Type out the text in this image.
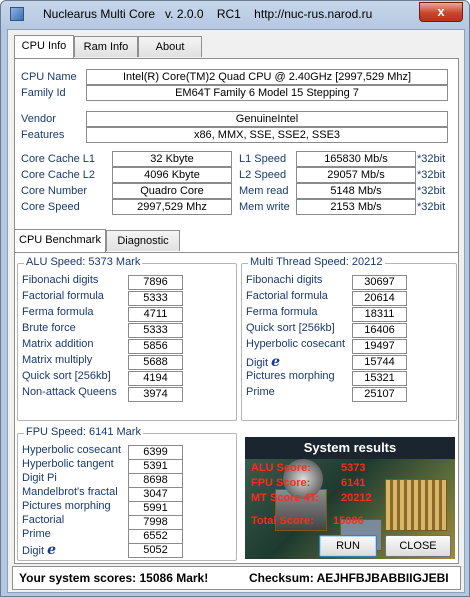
Nuclearus Multi Core   v. 2.0.0    RC1    http://nuc-rus.narod.ru	x
CPU Info	Ram Info	About
CPU Name	Intel(R) Core(TM)2 Quad CPU @ 2.40GHz [2997,529 Mhz]
Family Id	EM64T Family 6 Model 15 Stepping 7
Vendor	GenuineIntel
Features	x86, MMX, SSE, SSE2, SSE3
Core Cache L1	32 Kbyte
Core Cache L2	4096 Kbyte
Core Number	Quadro Core
Core Speed	2997,529 Mhz
L1 Speed	165830 Mb/s	*32bit
L2 Speed	29057 Mb/s	*32bit
Mem read	5148 Mb/s	*32bit
Mem write	2153 Mb/s	*32bit
CPU Benchmark	Diagnostic
ALU Speed: 5373 Mark
Fibonachi digits	7896
Factorial formula	5333
Ferma formula	4711
Brute force	5333
Matrix addition	5856
Matrix multiply	5688
Quick sort [256kb]	4194
Non-attack Queens	3974
Multi Thread Speed: 20212
Fibonachi digits	30697
Factorial formula	20614
Ferma formula	18311
Quick sort [256kb]	16406
Hyperbolic cosecant	19497
Digit e	15744
Pictures morphing	15321
Prime	25107
FPU Speed: 6141 Mark
Hyperbolic cosecant	6399
Hyperbolic tangent	5391
Digit Pi	8698
Mandelbrot's fractal	3047
Pictures morphing	5991
Factorial	7998
Prime	6552
Digit e	5052
System results
ALU Score:	5373
FPU Score:	6141
MT Score 4T: 20212
Total Score: 15086
RUN	CLOSE
Your system scores: 15086 Mark!	Checksum: AEJHFBJBABBIIGJEBI
